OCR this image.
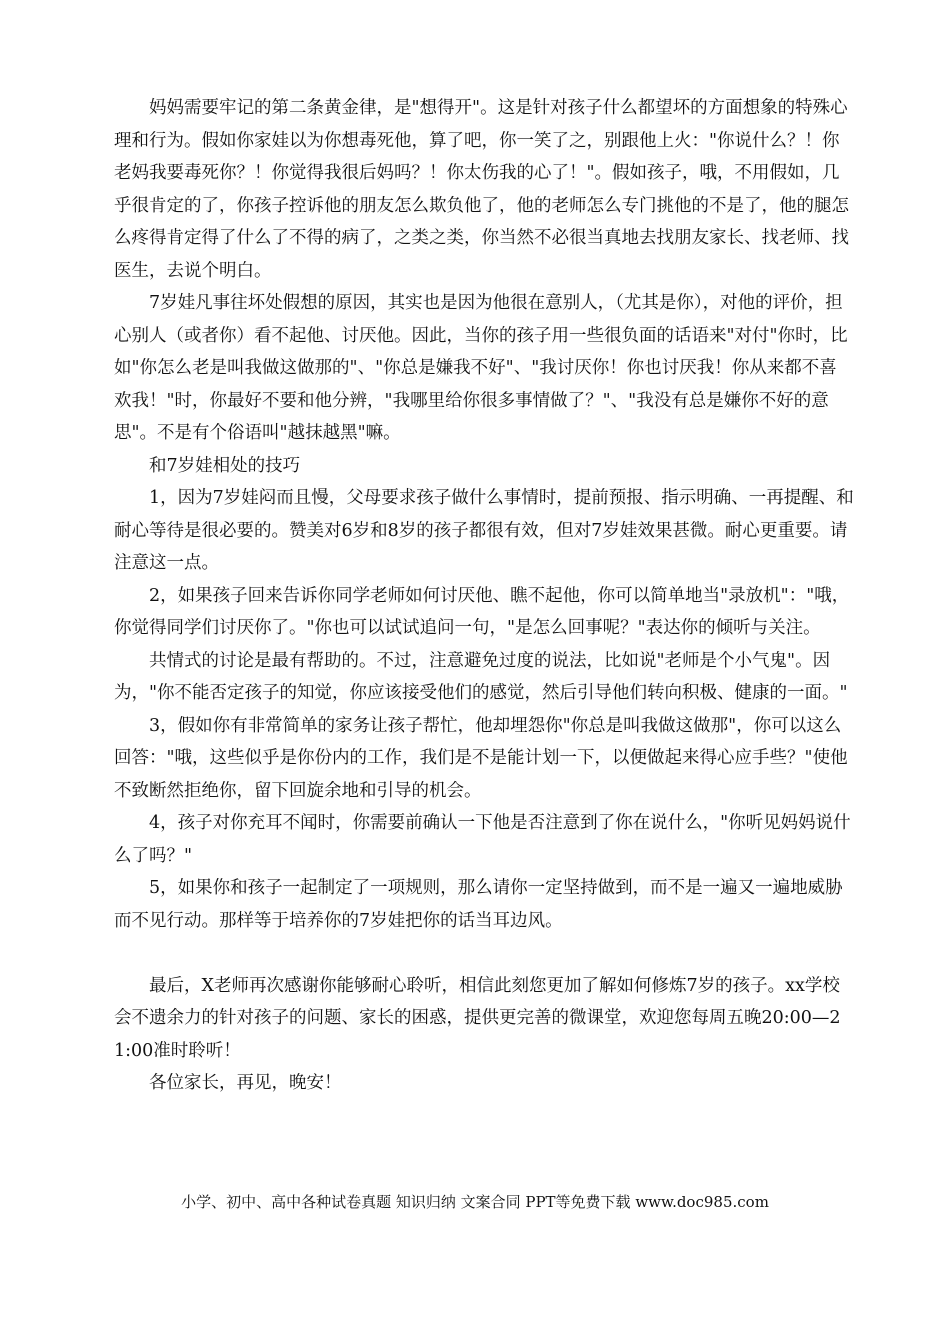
妈妈需要牢记的第二条黄金律，是"想得开"。这是针对孩子什么都望坏的方面想象的特殊心理和行为。假如你家娃以为你想毒死他，算了吧，你一笑了之，别跟他上火："你说什么？！你老妈我要毒死你？！你觉得我很后妈吗？！你太伤我的心了！"。假如孩子，哦，不用假如，几乎很肯定的了，你孩子控诉他的朋友怎么欺负他了，他的老师怎么专门挑他的不是了，他的腿怎么疼得肯定得了什么了不得的病了，之类之类，你当然不必很当真地去找朋友家长、找老师、找医生，去说个明白。

7岁娃凡事往坏处假想的原因，其实也是因为他很在意别人，（尤其是你），对他的评价，担心别人（或者你）看不起他、讨厌他。因此，当你的孩子用一些很负面的话语来"对付"你时，比如"你怎么老是叫我做这做那的"、"你总是嫌我不好"、"我讨厌你！你也讨厌我！你从来都不喜欢我！"时，你最好不要和他分辨，"我哪里给你很多事情做了？"、"我没有总是嫌你不好的意思"。不是有个俗语叫"越抹越黑"嘛。

和7岁娃相处的技巧

1，因为7岁娃闷而且慢，父母要求孩子做什么事情时，提前预报、指示明确、一再提醒、和耐心等待是很必要的。赞美对6岁和8岁的孩子都很有效，但对7岁娃效果甚微。耐心更重要。请注意这一点。

2，如果孩子回来告诉你同学老师如何讨厌他、瞧不起他，你可以简单地当"录放机"："哦，你觉得同学们讨厌你了。"你也可以试试追问一句，"是怎么回事呢？"表达你的倾听与关注。

共情式的讨论是最有帮助的。不过，注意避免过度的说法，比如说"老师是个小气鬼"。因为，"你不能否定孩子的知觉，你应该接受他们的感觉，然后引导他们转向积极、健康的一面。"

3，假如你有非常简单的家务让孩子帮忙，他却埋怨你"你总是叫我做这做那"，你可以这么回答："哦，这些似乎是你份内的工作，我们是不是能计划一下，以便做起来得心应手些？"使他不致断然拒绝你，留下回旋余地和引导的机会。

4，孩子对你充耳不闻时，你需要前确认一下他是否注意到了你在说什么，"你听见妈妈说什么了吗？"

5，如果你和孩子一起制定了一项规则，那么请你一定坚持做到，而不是一遍又一遍地威胁而不见行动。那样等于培养你的7岁娃把你的话当耳边风。

最后，X老师再次感谢你能够耐心聆听，相信此刻您更加了解如何修炼7岁的孩子。xx学校会不遗余力的针对孩子的问题、家长的困惑，提供更完善的微课堂，欢迎您每周五晚20:00—21:00准时聆听！

各位家长，再见，晚安！

小学、初中、高中各种试卷真题 知识归纳 文案合同 PPT等免费下载 www.doc985.com
